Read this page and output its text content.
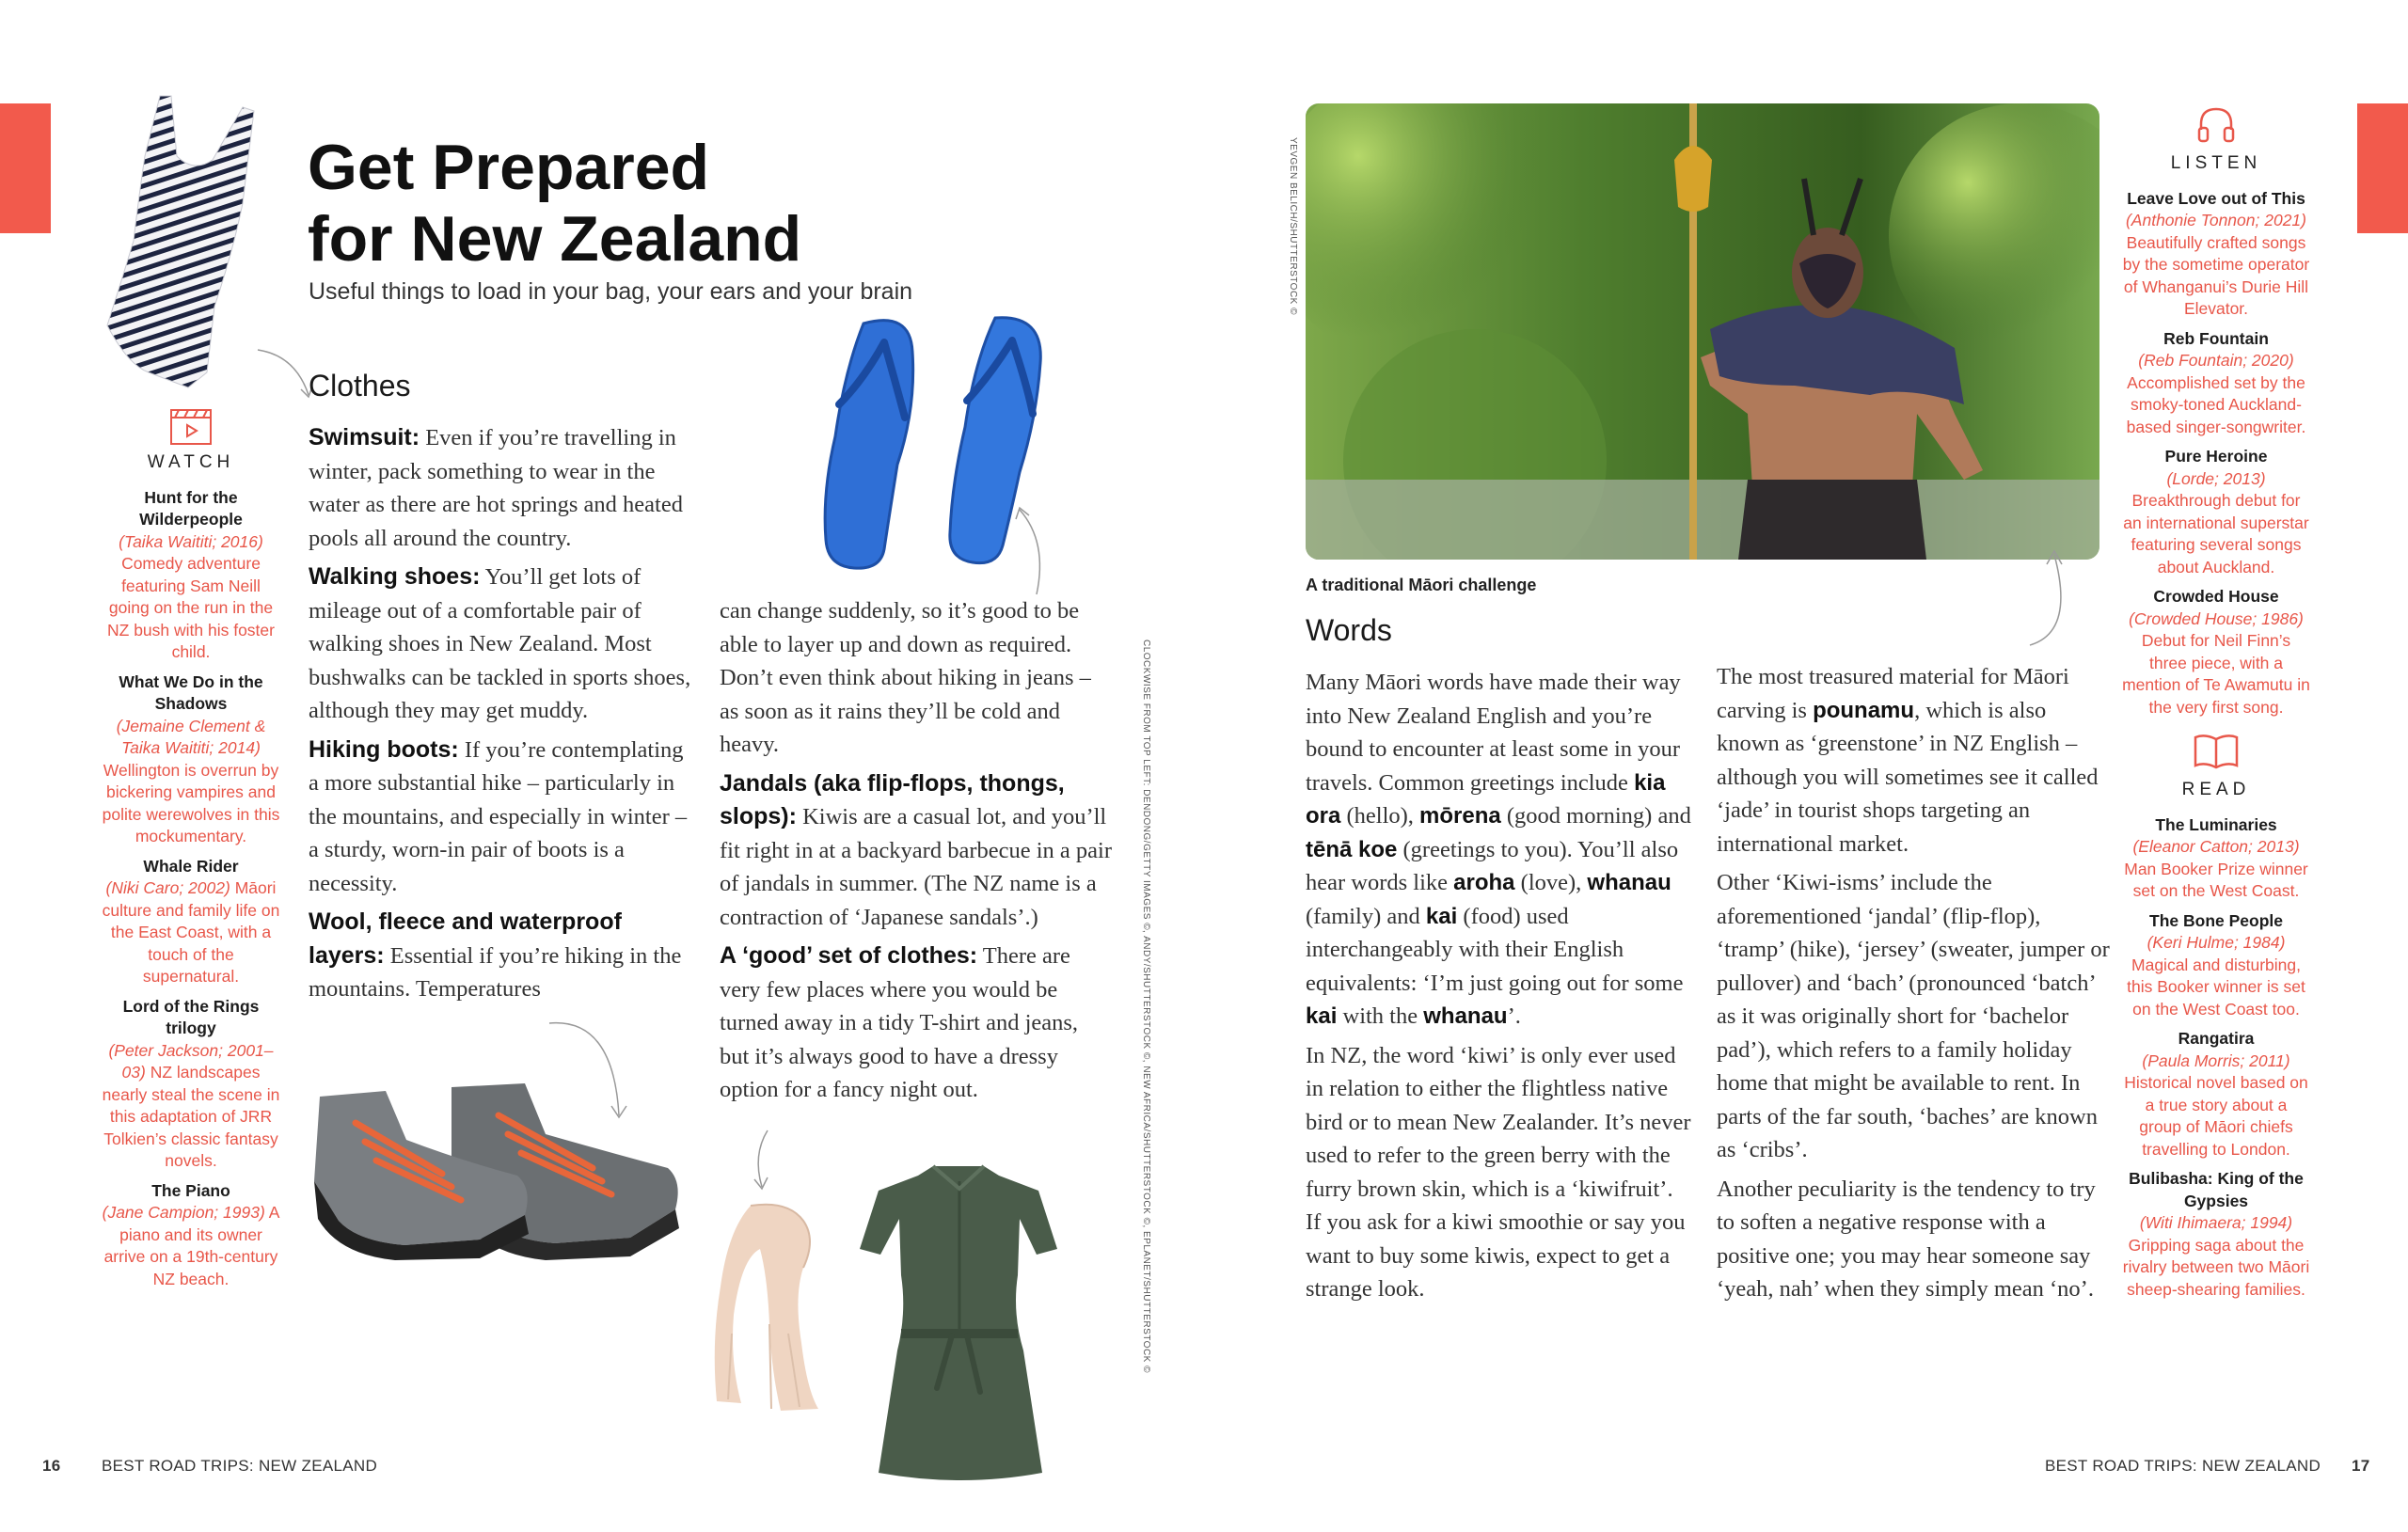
Get Prepared
for New Zealand
Useful things to load in your bag, your ears and your brain
WATCH
Hunt for the Wilderpeople
(Taika Waititi; 2016) Comedy adventure featuring Sam Neill going on the run in the NZ bush with his foster child.
What We Do in the Shadows
(Jemaine Clement & Taika Waititi; 2014) Wellington is overrun by bickering vampires and polite werewolves in this mockumentary.
Whale Rider
(Niki Caro; 2002) Māori culture and family life on the East Coast, with a touch of the supernatural.
Lord of the Rings trilogy
(Peter Jackson; 2001–03) NZ landscapes nearly steal the scene in this adaptation of JRR Tolkien’s classic fantasy novels.
The Piano
(Jane Campion; 1993) A piano and its owner arrive on a 19th-century NZ beach.
Clothes

Swimsuit: Even if you’re travelling in winter, pack something to wear in the water as there are hot springs and heated pools all around the country.

Walking shoes: You’ll get lots of mileage out of a comfortable pair of walking shoes in New Zealand. Most bushwalks can be tackled in sports shoes, although they may get muddy.

Hiking boots: If you’re contemplating a more substantial hike – particularly in the mountains, and especially in winter – a sturdy, worn-in pair of boots is a necessity.

Wool, fleece and waterproof layers: Essential if you’re hiking in the mountains. Temperatures

can change suddenly, so it’s good to be able to layer up and down as required. Don’t even think about hiking in jeans – as soon as it rains they’ll be cold and heavy.

Jandals (aka flip-flops, thongs, slops): Kiwis are a casual lot, and you’ll fit right in at a backyard barbecue in a pair of jandals in summer. (The NZ name is a contraction of ‘Japanese sandals’.)

A ‘good’ set of clothes: There are very few places where you would be turned away in a tidy T-shirt and jeans, but it’s always good to have a dressy option for a fancy night out.	CLOCKWISE FROM TOP LEFT: DENDONG/GETTY IMAGES ©, ANDY/SHUTTERSTOCK ©, NEW AFRICA/SHUTTERSTOCK ©, EPLANET/SHUTTERSTOCK ©
16	BEST ROAD TRIPS: NEW ZEALAND
YEVGEN BELICH/SHUTTERSTOCK ©
A traditional Māori challenge
Words

Many Māori words have made their way into New Zealand English and you’re bound to encounter at least some in your travels. Common greetings include kia ora (hello), mōrena (good morning) and tēnā koe (greetings to you). You’ll also hear words like aroha (love), whanau (family) and kai (food) used interchangeably with their English equivalents: ‘I’m just going out for some kai with the whanau’.

In NZ, the word ‘kiwi’ is only ever used in relation to either the flightless native bird or to mean New Zealander. It’s never used to refer to the green berry with the furry brown skin, which is a ‘kiwifruit’. If you ask for a kiwi smoothie or say you want to buy some kiwis, expect to get a strange look.

The most treasured material for Māori carving is pounamu, which is also known as ‘greenstone’ in NZ English – although you will sometimes see it called ‘jade’ in tourist shops targeting an international market.

Other ‘Kiwi-isms’ include the aforementioned ‘jandal’ (flip-flop), ‘tramp’ (hike), ‘jersey’ (sweater, jumper or pullover) and ‘bach’ (pronounced ‘batch’ as it was originally short for ‘bachelor pad’), which refers to a family holiday home that might be available to rent. In parts of the far south, ‘baches’ are known as ‘cribs’.

Another peculiarity is the tendency to try to soften a negative response with a positive one; you may hear someone say ‘yeah, nah’ when they simply mean ‘no’.

LISTEN
Leave Love out of This
(Anthonie Tonnon; 2021) Beautifully crafted songs by the sometime operator of Whanganui’s Durie Hill Elevator.
Reb Fountain
(Reb Fountain; 2020) Accomplished set by the smoky-toned Auckland-based singer-songwriter.
Pure Heroine
(Lorde; 2013) Breakthrough debut for an international superstar featuring several songs about Auckland.
Crowded House
(Crowded House; 1986) Debut for Neil Finn’s three piece, with a mention of Te Awamutu in the very first song.
READ
The Luminaries
(Eleanor Catton; 2013) Man Booker Prize winner set on the West Coast.
The Bone People
(Keri Hulme; 1984) Magical and disturbing, this Booker winner is set on the West Coast too.
Rangatira
(Paula Morris; 2011) Historical novel based on a true story about a group of Māori chiefs travelling to London.
Bulibasha: King of the Gypsies
(Witi Ihimaera; 1994) Gripping saga about the rivalry between two Māori sheep-shearing families.
BEST ROAD TRIPS: NEW ZEALAND 17
